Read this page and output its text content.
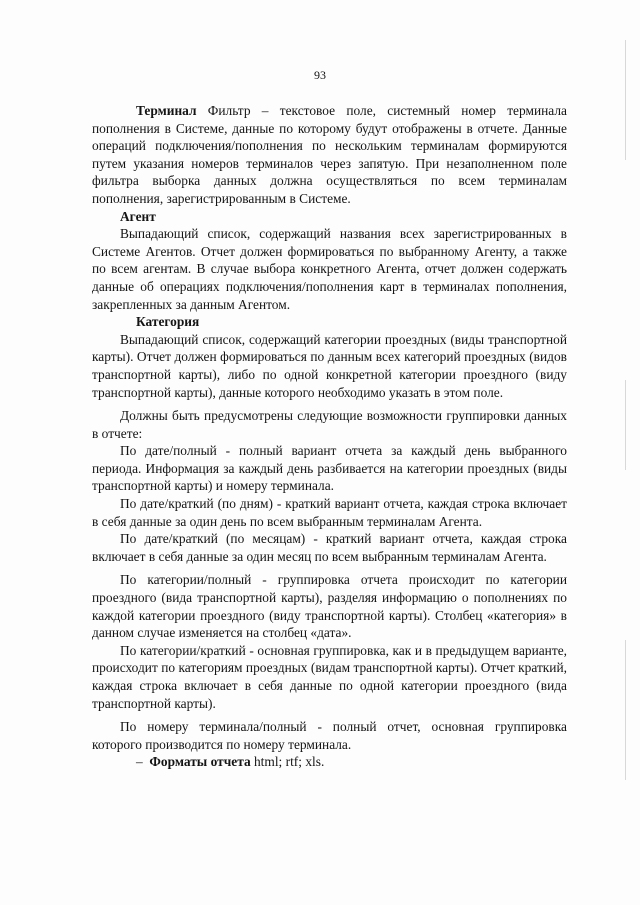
93

Терминал Фильтр – текстовое поле, системный номер терминала пополнения в Системе, данные по которому будут отображены в отчете. Данные операций подключения/пополнения по нескольким терминалам формируются путем указания номеров терминалов через запятую. При незаполненном поле фильтра выборка данных должна осуществляться по всем терминалам пополнения, зарегистрированным в Системе.

Агент

Выпадающий список, содержащий названия всех зарегистрированных в Системе Агентов. Отчет должен формироваться по выбранному Агенту, а также по всем агентам. В случае выбора конкретного Агента, отчет должен содержать данные об операциях подключения/пополнения карт в терминалах пополнения, закрепленных за данным Агентом.

Категория

Выпадающий список, содержащий категории проездных (виды транспортной карты). Отчет должен формироваться по данным всех категорий проездных (видов транспортной карты), либо по одной конкретной категории проездного (виду транспортной карты), данные которого необходимо указать в этом поле.

Должны быть предусмотрены следующие возможности группировки данных в отчете:

По дате/полный - полный вариант отчета за каждый день выбранного периода. Информация за каждый день разбивается на категории проездных (виды транспортной карты) и номеру терминала.

По дате/краткий (по дням) - краткий вариант отчета, каждая строка включает в себя данные за один день по всем выбранным терминалам Агента.

По дате/краткий (по месяцам) - краткий вариант отчета, каждая строка включает в себя данные за один месяц по всем выбранным терминалам Агента.

По категории/полный - группировка отчета происходит по категории проездного (вида транспортной карты), разделяя информацию о пополнениях по каждой категории проездного (виду транспортной карты). Столбец «категория» в данном случае изменяется на столбец «дата».

По категории/краткий - основная группировка, как и в предыдущем варианте, происходит по категориям проездных (видам транспортной карты). Отчет краткий, каждая строка включает в себя данные по одной категории проездного (вида транспортной карты).

По номеру терминала/полный - полный отчет, основная группировка которого производится по номеру терминала.

– Форматы отчета html; rtf; xls.
